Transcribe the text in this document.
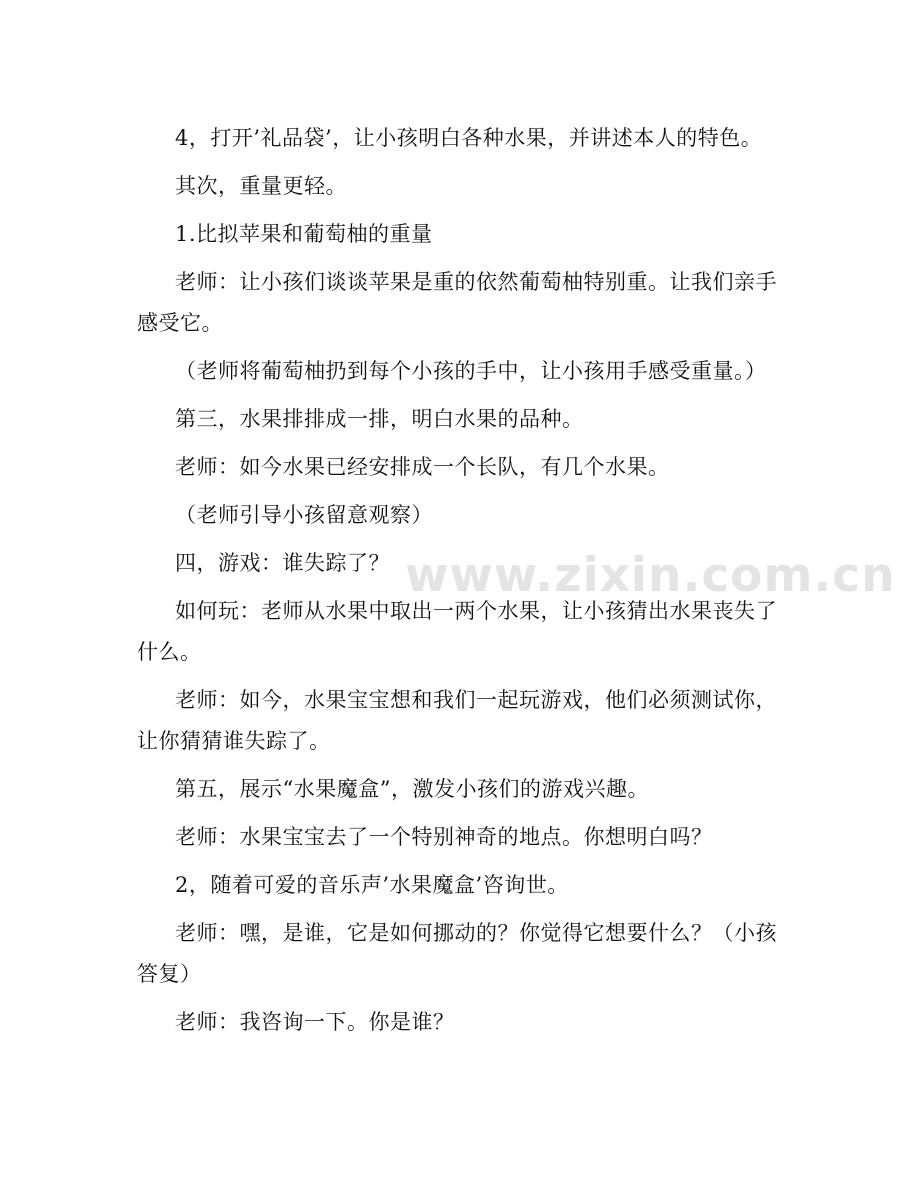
4，打开’礼品袋’，让小孩明白各种水果，并讲述本人的特色。

其次，重量更轻。

1.比拟苹果和葡萄柚的重量

老师：让小孩们谈谈苹果是重的依然葡萄柚特别重。让我们亲手感受它。

（老师将葡萄柚扔到每个小孩的手中，让小孩用手感受重量。）

第三，水果排排成一排，明白水果的品种。

老师：如今水果已经安排成一个长队，有几个水果。

（老师引导小孩留意观察）

四，游戏：谁失踪了？

如何玩：老师从水果中取出一两个水果，让小孩猜出水果丧失了什么。

老师：如今，水果宝宝想和我们一起玩游戏，他们必须测试你，让你猜猜谁失踪了。

第五，展示“水果魔盒”，激发小孩们的游戏兴趣。

老师：水果宝宝去了一个特别神奇的地点。你想明白吗？

2，随着可爱的音乐声’水果魔盒’咨询世。

老师：嘿，是谁，它是如何挪动的？你觉得它想要什么？（小孩答复）

老师：我咨询一下。你是谁？

www.zixin.com.cn
